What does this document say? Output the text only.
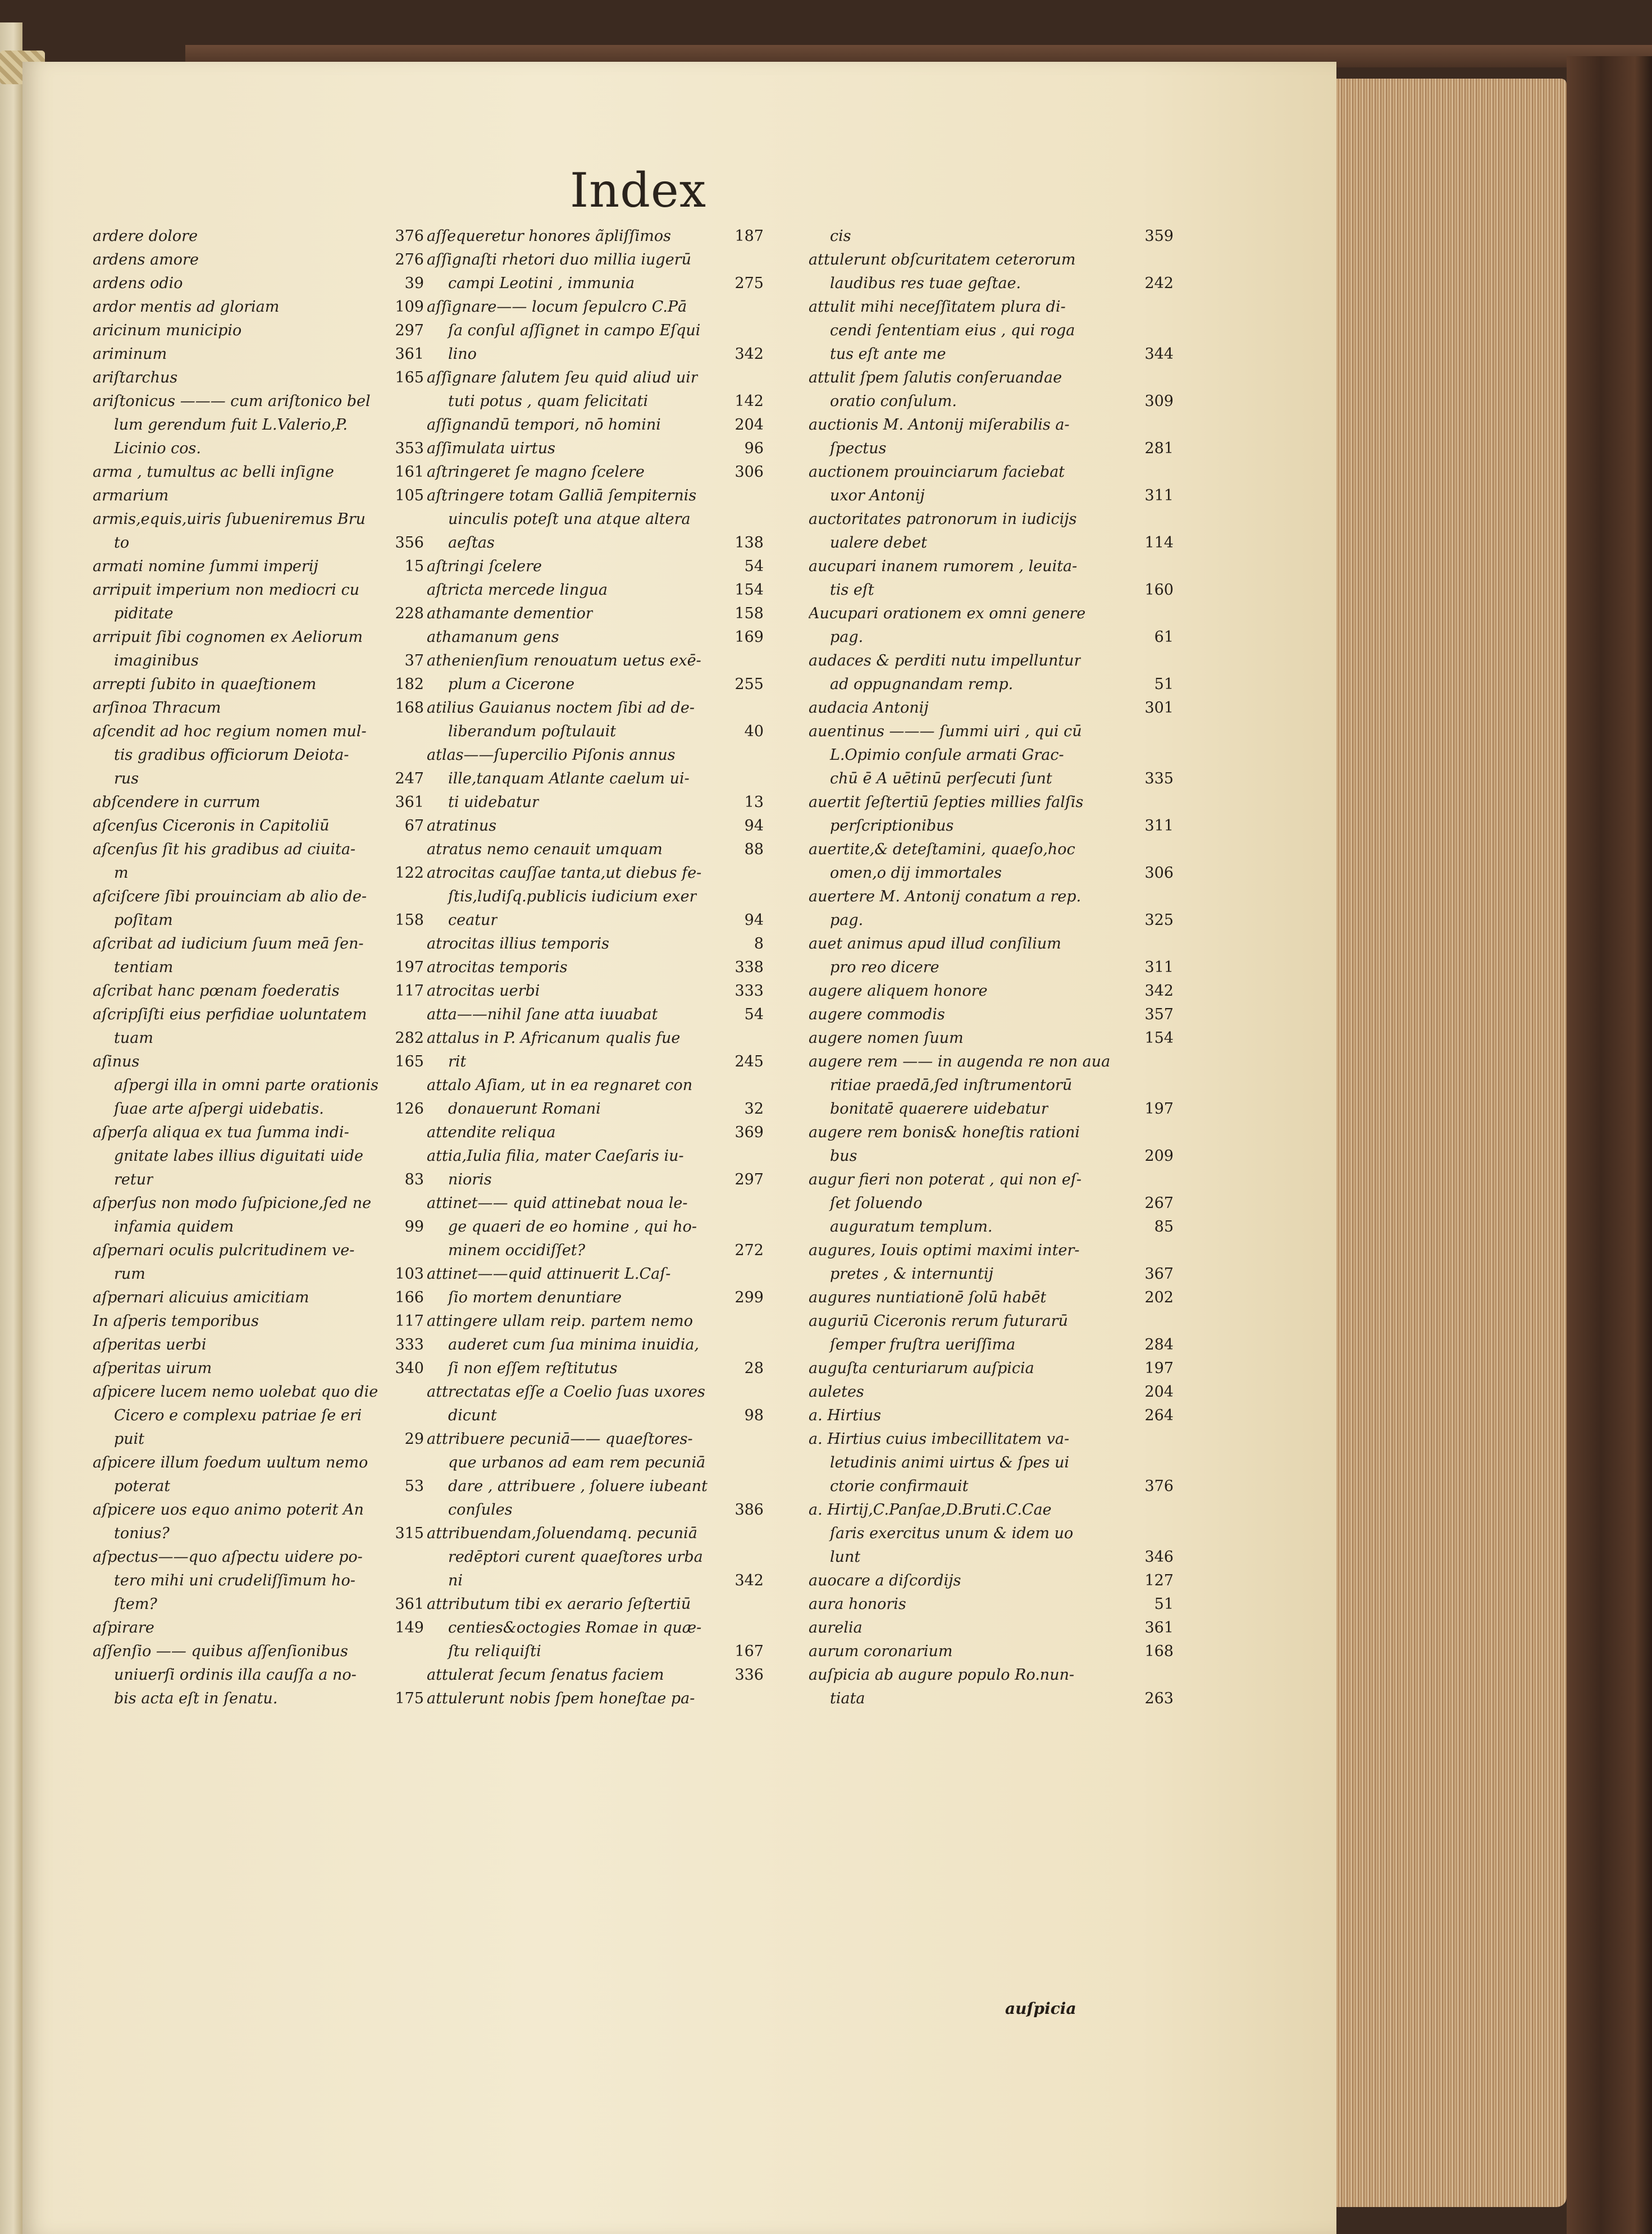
Index
ardere dolore	376
ardens amore	276
ardens odio	39
ardor mentis ad gloriam	109
aricinum municipio	297
ariminum	361
ariſtarchus	165
ariſtonicus ——— cum ariſtonico bel
lum gerendum fuit L.Valerio,P.
Licinio cos.	353
arma , tumultus ac belli inſigne	161
armarium	105
armis,equis,uiris ſubueniremus Bru
to	356
armati nomine ſummi imperij	15
arripuit imperium non mediocri cu
piditate	228
arripuit ſibi cognomen ex Aeliorum
imaginibus	37
arrepti ſubito in quaeſtionem	182
arſinoa Thracum	168
aſcendit ad hoc regium nomen mul-
tis gradibus officiorum Deiota-
rus	247
abſcendere in currum	361
aſcenſus Ciceronis in Capitoliū	67
aſcenſus ſit his gradibus ad ciuita-
m	122
aſciſcere ſibi prouinciam ab alio de-
poſitam	158
aſcribat ad iudicium ſuum meā ſen-
tentiam	197
aſcribat hanc pœnam foederatis	117
aſcripſiſti eius perfidiae uoluntatem
tuam	282
aſinus	165
aſpergi illa in omni parte orationis
ſuae arte aſpergi uidebatis.	126
aſperſa aliqua ex tua ſumma indi-
gnitate labes illius diguitati uide
retur	83
aſperſus non modo ſuſpicione,ſed ne
infamia quidem	99
aſpernari oculis pulcritudinem ve-
rum	103
aſpernari alicuius amicitiam	166
In aſperis temporibus	117
aſperitas uerbi	333
aſperitas uirum	340
aſpicere lucem nemo uolebat quo die
Cicero e complexu patriae ſe eri
puit	29
aſpicere illum foedum uultum nemo
poterat	53
aſpicere uos equo animo poterit An
tonius?	315
aſpectus——quo aſpectu uidere po-
tero mihi uni crudeliſſimum ho-
ſtem?	361
aſpirare	149
aſſenſio —— quibus aſſenſionibus
uniuerſi ordinis illa cauſſa a no-
bis acta eſt in ſenatu.	175
aſſequeretur honores ãpliſſimos	187
aſſignaſti rhetori duo millia iugerū
campi Leotini , immunia	275
aſſignare—— locum ſepulcro C.Pā
ſa conſul aſſignet in campo Eſqui
lino	342
aſſignare ſalutem ſeu quid aliud uir
tuti potus , quam felicitati	142
aſſignandū tempori, nō homini	204
aſſimulata uirtus	96
aſtringeret ſe magno ſcelere	306
aſtringere totam Galliā ſempiternis
uinculis poteſt una atque altera
aeſtas	138
aſtringi ſcelere	54
aſtricta mercede lingua	154
athamante dementior	158
athamanum gens	169
athenienſium renouatum uetus exē-
plum a Cicerone	255
atilius Gauianus noctem ſibi ad de-
liberandum poſtulauit	40
atlas——ſupercilio Piſonis annus
ille,tanquam Atlante caelum ui-
ti uidebatur	13
atratinus	94
atratus nemo cenauit umquam	88
atrocitas cauſſae tanta,ut diebus fe-
ſtis,ludiſq.publicis iudicium exer
ceatur	94
atrocitas illius temporis	8
atrocitas temporis	338
atrocitas uerbi	333
atta——nihil ſane atta iuuabat	54
attalus in P. Africanum qualis fue
rit	245
attalo Aſiam, ut in ea regnaret con
donauerunt Romani	32
attendite reliqua	369
attia,Iulia filia, mater Caeſaris iu-
nioris	297
attinet—— quid attinebat noua le-
ge quaeri de eo homine , qui ho-
minem occidiſſet?	272
attinet——quid attinuerit L.Caſ-
ſio mortem denuntiare	299
attingere ullam reip. partem nemo
auderet cum ſua minima inuidia,
ſi non eſſem reſtitutus	28
attrectatas eſſe a Coelio ſuas uxores
dicunt	98
attribuere pecuniā—— quaeſtores-
que urbanos ad eam rem pecuniā
dare , attribuere , ſoluere iubeant
conſules	386
attribuendam,ſoluendamq. pecuniā
redēptori curent quaeſtores urba
ni	342
attributum tibi ex aerario ſeſtertiū
centies&octogies Romae in quæ-
ſtu reliquiſti	167
attulerat ſecum ſenatus faciem	336
attulerunt nobis ſpem honeſtae pa-
cis	359
attulerunt obſcuritatem ceterorum
laudibus res tuae geſtae.	242
attulit mihi neceſſitatem plura di-
cendi ſententiam eius , qui roga
tus eſt ante me	344
attulit ſpem ſalutis conſeruandae
oratio conſulum.	309
auctionis M. Antonij miſerabilis a-
ſpectus	281
auctionem prouinciarum faciebat
uxor Antonij	311
auctoritates patronorum in iudicijs
ualere debet	114
aucupari inanem rumorem , leuita-
tis eſt	160
Aucupari orationem ex omni genere
pag.	61
audaces & perditi nutu impelluntur
ad oppugnandam remp.	51
audacia Antonij	301
auentinus ——— ſummi uiri , qui cū
L.Opimio conſule armati Grac-
chū ē A uētinū perſecuti ſunt	335
auertit ſeſtertiū ſepties millies falſis
perſcriptionibus	311
auertite,& deteſtamini, quaeſo,hoc
omen,o dij immortales	306
auertere M. Antonij conatum a rep.
pag.	325
auet animus apud illud conſilium
pro reo dicere	311
augere aliquem honore	342
augere commodis	357
augere nomen ſuum	154
augere rem —— in augenda re non aua
ritiae praedā,ſed inſtrumentorū
bonitatē quaerere uidebatur	197
augere rem bonis& honeſtis rationi
bus	209
augur fieri non poterat , qui non eſ-
ſet ſoluendo	267
auguratum templum.	85
augures, Iouis optimi maximi inter-
pretes , & internuntij	367
augures nuntiationē ſolū habēt	202
auguriū Ciceronis rerum futurarū
ſemper fruſtra ueriſſima	284
auguſta centuriarum auſpicia	197
auletes	204
a. Hirtius	264
a. Hirtius cuius imbecillitatem va-
letudinis animi uirtus & ſpes ui
ctorie confirmauit	376
a. Hirtij,C.Panſae,D.Bruti.C.Cae
ſaris exercitus unum & idem uo
lunt	346
auocare a diſcordijs	127
aura honoris	51
aurelia	361
aurum coronarium	168
auſpicia ab augure populo Ro.nun-
tiata	263
auſpicia
